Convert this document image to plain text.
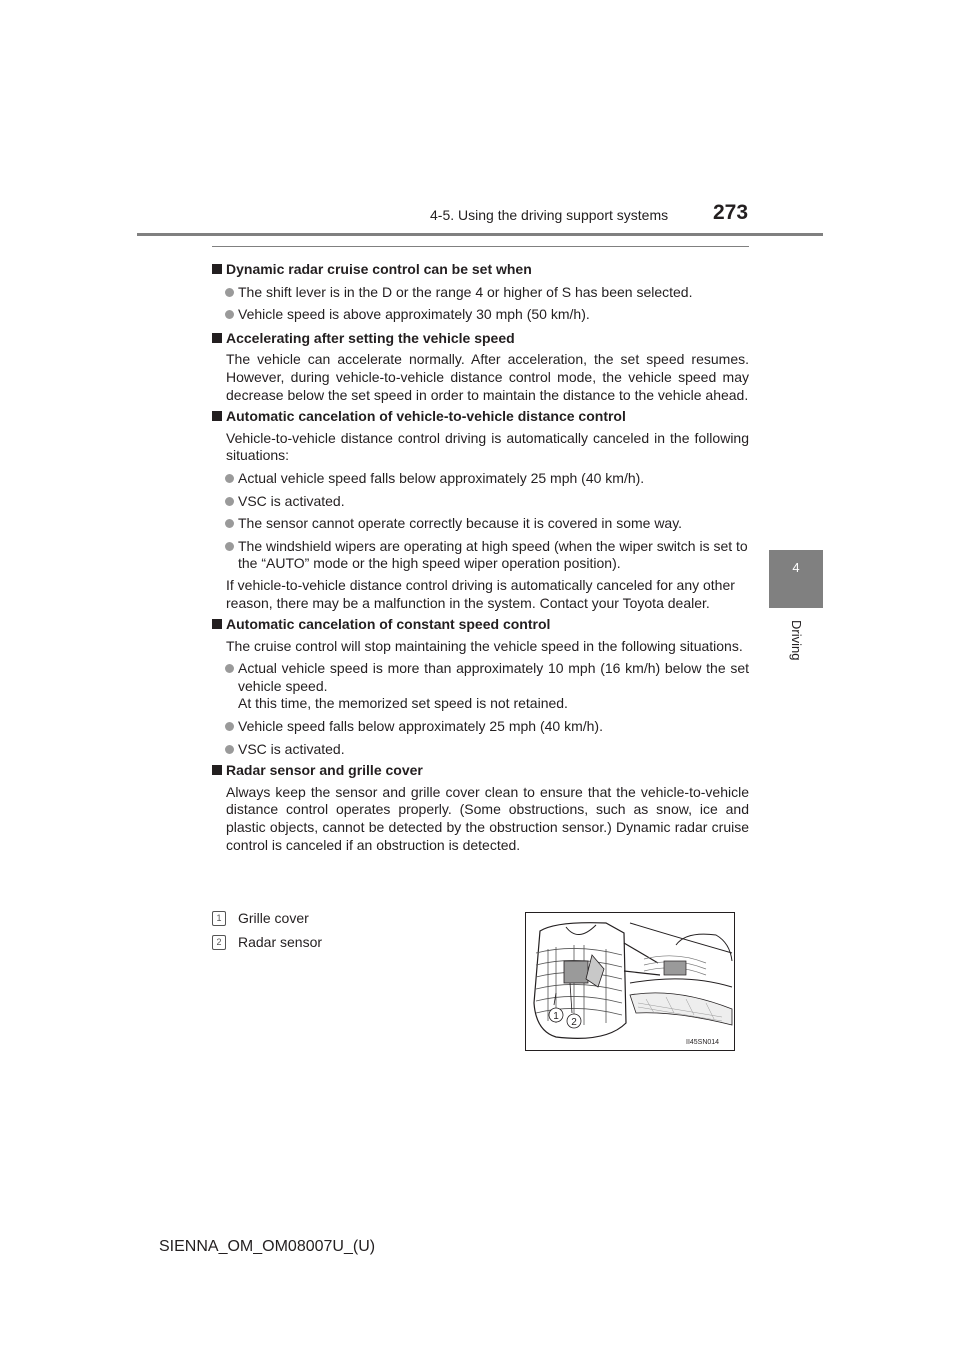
4-5. Using the driving support systems 273
4
Driving
Dynamic radar cruise control can be set when
The shift lever is in the D or the range 4 or higher of S has been selected.
Vehicle speed is above approximately 30 mph (50 km/h).
Accelerating after setting the vehicle speed
The vehicle can accelerate normally. After acceleration, the set speed resumes. However, during vehicle-to-vehicle distance control mode, the vehicle speed may decrease below the set speed in order to maintain the distance to the vehicle ahead.
Automatic cancelation of vehicle-to-vehicle distance control
Vehicle-to-vehicle distance control driving is automatically canceled in the following situations:
Actual vehicle speed falls below approximately 25 mph (40 km/h).
VSC is activated.
The sensor cannot operate correctly because it is covered in some way.
The windshield wipers are operating at high speed (when the wiper switch is set to the “AUTO” mode or the high speed wiper operation position).
If vehicle-to-vehicle distance control driving is automatically canceled for any other reason, there may be a malfunction in the system. Contact your Toyota dealer.
Automatic cancelation of constant speed control
The cruise control will stop maintaining the vehicle speed in the following situations.
Actual vehicle speed is more than approximately 10 mph (16 km/h) below the set vehicle speed.
At this time, the memorized set speed is not retained.
Vehicle speed falls below approximately 25 mph (40 km/h).
VSC is activated.
Radar sensor and grille cover
Always keep the sensor and grille cover clean to ensure that the vehicle-to-vehicle distance control operates properly. (Some obstructions, such as snow, ice and plastic objects, cannot be detected by the obstruction sensor.) Dynamic radar cruise control is canceled if an obstruction is detected.
1	Grille cover
2	Radar sensor
1
2
II45SN014
SIENNA_OM_OM08007U_(U)
